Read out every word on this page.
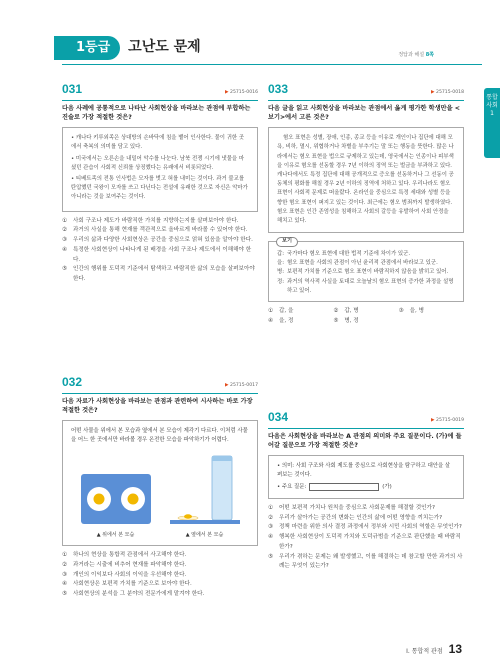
1등급	고난도 문제	정답과 해설 8쪽
통합사회
1
031	▶ 25715-0016
다음 사례에 공통적으로 나타난 사회현상을 바라보는 관점에 부합하는 진술로 가장 적절한 것은?

• 캐나다 키루외족은 상대방의 손바닥에 침을 뱉어 인사한다. 물이 귀한 곳에서 축복의 의미를 담고 있다.

• 미국에서는 오른손을 내밀어 악수를 나눈다. 남북 전쟁 시기에 냇물을 마셨던 관습이 사회적 신뢰를 상징했다는 유래에서 비롯되었다.

• 티베트족의 전통 인사법은 모자를 벗고 혀를 내미는 것이다. 과거 불교를 탄압했던 국왕이 모자를 쓰고 다닌다는 전설에 유래한 것으로 자신은 악마가 아니라는 것을 보여주는 것이다.

①	사회 구조나 제도가 바람직한 가치를 지향하는지를 살펴보아야 한다.
②	과거의 사실을 통해 현재를 객관적으로 올바르게 바라볼 수 있어야 한다.
③	우리의 삶과 다양한 사회현상은 공간을 중심으로 얽혀 있음을 알아야 한다.
④	특정한 사회현상이 나타나게 된 배경을 사회 구조나 제도에서 이해해야 한다.
⑤	인간의 행위를 도덕적 기준에서 탐색하고 바람직한 삶의 모습을 살펴보아야 한다.
032	▶ 25715-0017
다음 자료가 사회현상을 바라보는 관점과 관련하여 시사하는 바로 가장 적절한 것은?
어떤 사물을 위에서 본 모습과 옆에서 본 모습이 제각기 다르다. 이처럼 사물을 어느 한 곳에서만 바라볼 경우 온전한 모습을 파악하기가 어렵다.
▲ 위에서 본 모습	▲ 옆에서 본 모습
①	하나의 현상을 통합적 관점에서 사고해야 한다.
②	과거라는 시출에 비추어 현재를 파악해야 한다.
③	개인의 이익보다 사회의 이익을 우선해야 한다.
④	사회현상은 보편적 가치를 기준으로 보아야 한다.
⑤	사회현상의 분석을 그 분야의 전문가에게 맡겨야 한다.
033	▶ 25715-0018
다음 글을 읽고 사회현상을 바라보는 관점에서 옳게 평가한 학생만을 <보기>에서 고른 것은?
혐오 표현은 성별, 장애, 인종, 종교 등을 이유로 개인이나 집단에 대해 모욕, 비하, 멸시, 위협하거나 차별을 부추기는 말 또는 행동을 뜻한다. 많은 나라에서는 혐오 표현을 법으로 규제하고 있는데, 영국에서는 인종이나 피부색을 이유로 혐오를 선동할 경우 7년 이하의 징역 또는 벌금을 부과하고 있다. 캐나다에서도 특정 집단에 대해 공개적으로 증오를 선동하거나 그 선동이 공동체의 평화를 해칠 경우 2년 이하의 징역에 처하고 있다. 우리나라도 혐오 표현이 사회적 문제로 떠올랐다. 온라인을 중심으로 특정 세대와 성별 등을 향한 혐오 표현이 퍼지고 있는 것이다. 최근에는 혐오 범죄까지 발생하였다. 혐오 표현은 인간 존엄성을 침해하고 사회의 갈등을 유발하여 사회 안정을 해치고 있다.
보기
갑: 국가마다 혐오 표현에 대한 법적 기준에 차이가 있군.
을: 혐오 표현을 사회의 관점이 아닌 윤리적 관점에서 바라보고 있군.
병: 보편적 가치를 기준으로 혐오 표현이 바람직하지 않음을 밝히고 있어.
정: 과거의 역사적 사실을 토대로 오늘날의 혐오 표현의 증가한 과정을 설명하고 있어.
①	갑, 을	②	갑, 병	③	을, 병
④	을, 정	⑤	병, 정
034	▶ 25715-0019
다음은 사회현상을 바라보는 A 관점의 의미와 주요 질문이다. (가)에 들어갈 질문으로 가장 적절한 것은?
• 의미: 사회 구조와 사회 제도를 중심으로 사회현상을 탐구하고 대안을 살펴보는 것이다.
• 주요 질문:	(가)
①	어떤 보편적 가치나 원칙을 중심으로 사회문제를 해결할 것인가?
②	우리가 살아가는 공간의 변화는 인간의 삶에 어떤 영향을 끼치는가?
③	정책 마련을 위한 의사 결정 과정에서 정부와 시민 사회의 역할은 무엇인가?
④	행복한 사회현상이 도덕적 가치와 도덕규범을 기준으로 판단했을 때 바람직한가?
⑤	우리가 겪하는 문제는 왜 발생했고, 이를 해결하는 데 참고할 만한 과거의 사례는 무엇이 있는가?
I. 통합적 관점 13
